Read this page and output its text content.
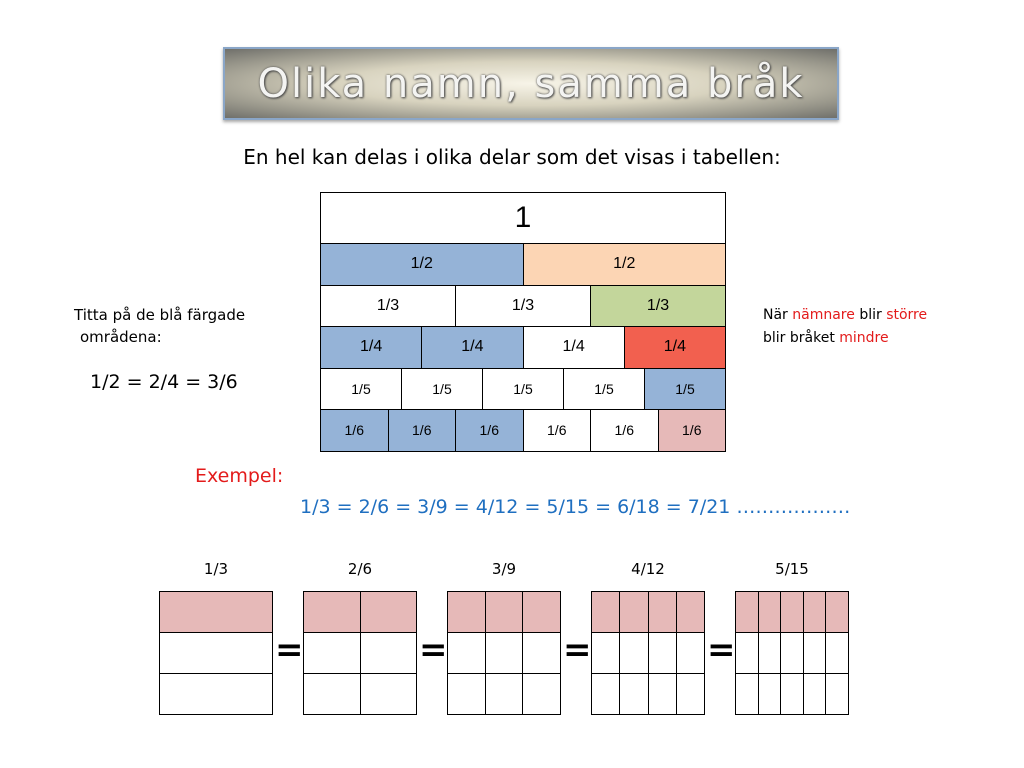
Olika namn, samma bråk
En hel kan delas i olika delar som det visas i tabellen:
1
1/2	1/2
1/3	1/3	1/3
1/4	1/4	1/4	1/4
1/5	1/5	1/5	1/5	1/5
1/6	1/6	1/6	1/6	1/6	1/6
Titta på de blå färgade
områdena:
1/2 = 2/4 = 3/6
När nämnare blir större
blir bråket mindre
Exempel:
1/3 = 2/6 = 3/9 = 4/12 = 5/15 = 6/18 = 7/21 ………………
1/3
=
2/6
=
3/9
=
4/12
=
5/15
